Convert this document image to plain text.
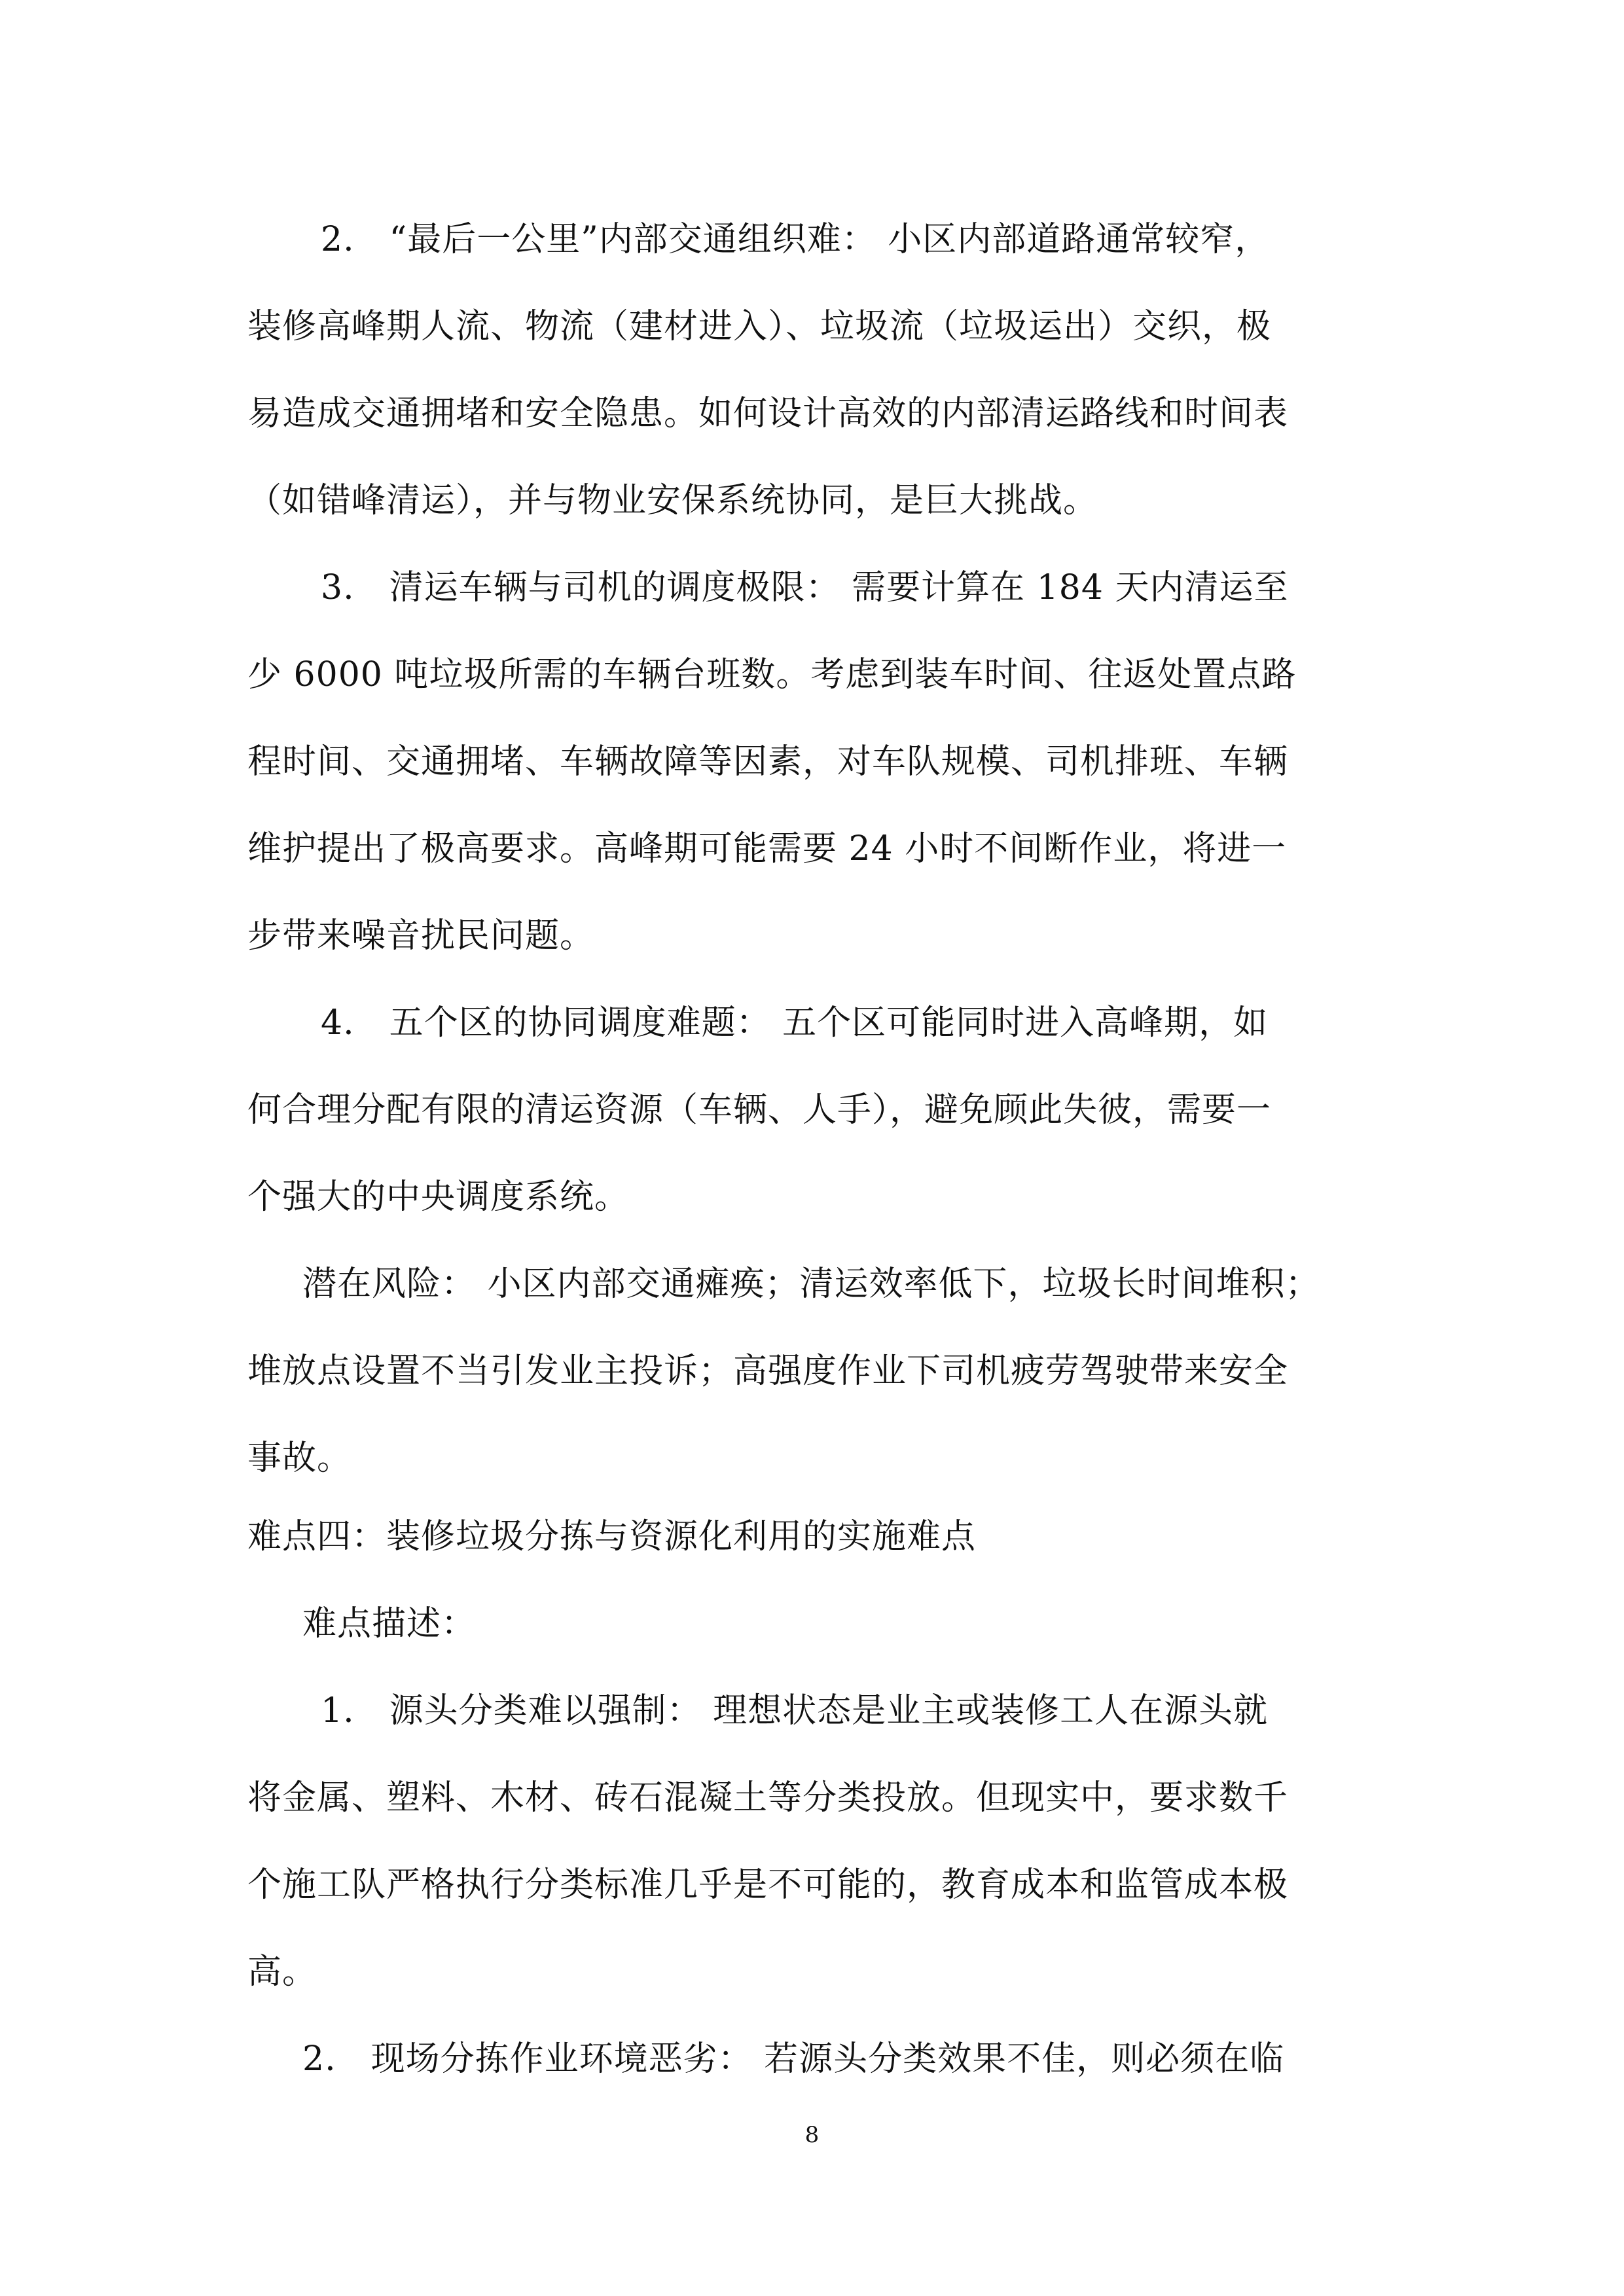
2.　“最后一公里”内部交通组织难： 小区内部道路通常较窄，
装修高峰期人流、物流（建材进入）、垃圾流（垃圾运出）交织，极
易造成交通拥堵和安全隐患。如何设计高效的内部清运路线和时间表
（如错峰清运），并与物业安保系统协同，是巨大挑战。
3.　清运车辆与司机的调度极限： 需要计算在 184 天内清运至
少 6000 吨垃圾所需的车辆台班数。考虑到装车时间、往返处置点路
程时间、交通拥堵、车辆故障等因素，对车队规模、司机排班、车辆
维护提出了极高要求。高峰期可能需要 24 小时不间断作业，将进一
步带来噪音扰民问题。
4.　五个区的协同调度难题： 五个区可能同时进入高峰期，如
何合理分配有限的清运资源（车辆、人手），避免顾此失彼，需要一
个强大的中央调度系统。
潜在风险： 小区内部交通瘫痪；清运效率低下，垃圾长时间堆积；
堆放点设置不当引发业主投诉；高强度作业下司机疲劳驾驶带来安全
事故。
难点四：装修垃圾分拣与资源化利用的实施难点
难点描述：
1.　源头分类难以强制： 理想状态是业主或装修工人在源头就
将金属、塑料、木材、砖石混凝土等分类投放。但现实中，要求数千
个施工队严格执行分类标准几乎是不可能的，教育成本和监管成本极
高。
2.　现场分拣作业环境恶劣： 若源头分类效果不佳，则必须在临
8
